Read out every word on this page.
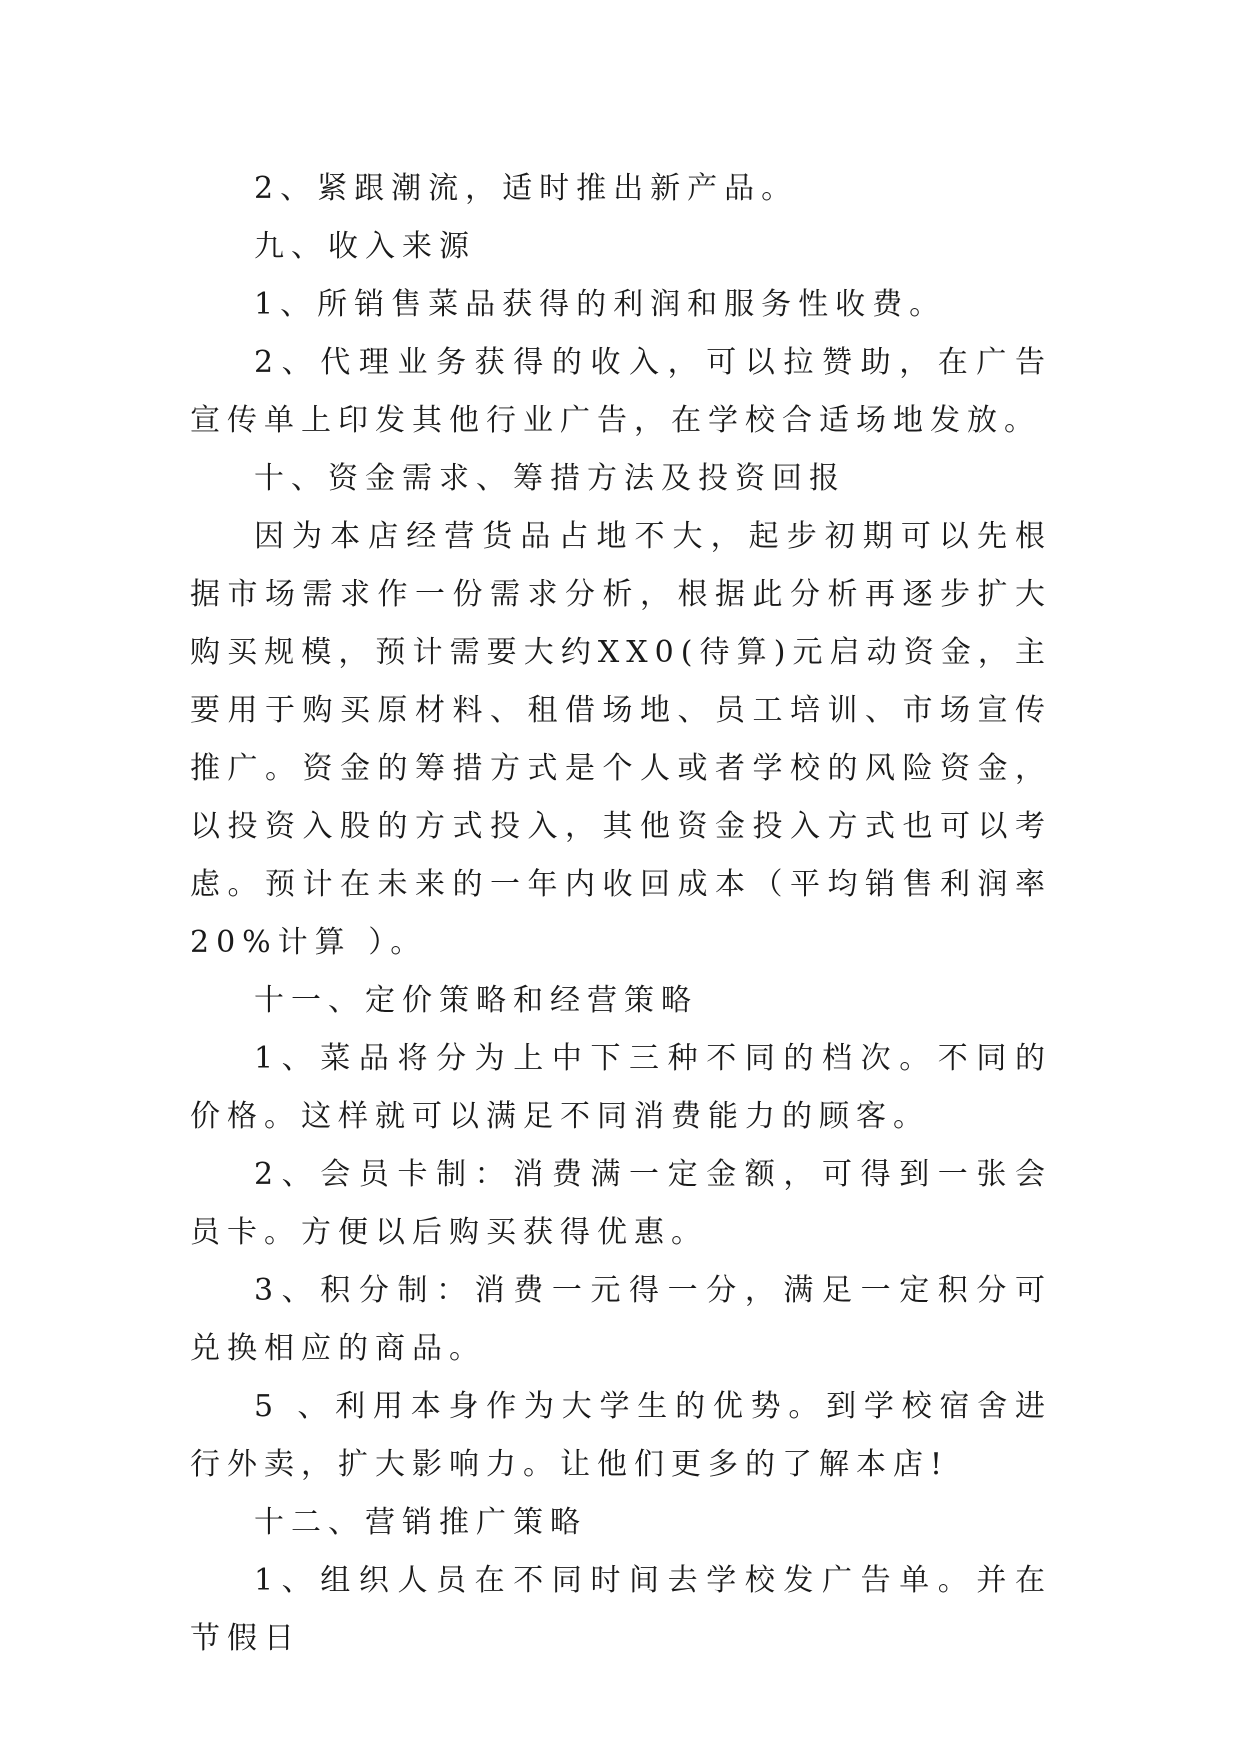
2、紧跟潮流，适时推出新产品。

九、收入来源

1、所销售菜品获得的利润和服务性收费。

2、代理业务获得的收入，可以拉赞助，在广告宣传单上印发其他行业广告，在学校合适场地发放。

十、资金需求、筹措方法及投资回报

因为本店经营货品占地不大，起步初期可以先根据市场需求作一份需求分析，根据此分析再逐步扩大购买规模，预计需要大约XX0(待算)元启动资金，主要用于购买原材料、租借场地、员工培训、市场宣传推广。资金的筹措方式是个人或者学校的风险资金，以投资入股的方式投入，其他资金投入方式也可以考虑。预计在未来的一年内收回成本（平均销售利润率20%计算 ）。

十一、定价策略和经营策略

1、菜品将分为上中下三种不同的档次。不同的价格。这样就可以满足不同消费能力的顾客。

2、会员卡制：消费满一定金额，可得到一张会员卡。方便以后购买获得优惠。

3、积分制：消费一元得一分，满足一定积分可兑换相应的商品。

5 、利用本身作为大学生的优势。到学校宿舍进行外卖，扩大影响力。让他们更多的了解本店!

十二、营销推广策略

1、组织人员在不同时间去学校发广告单。并在节假日
